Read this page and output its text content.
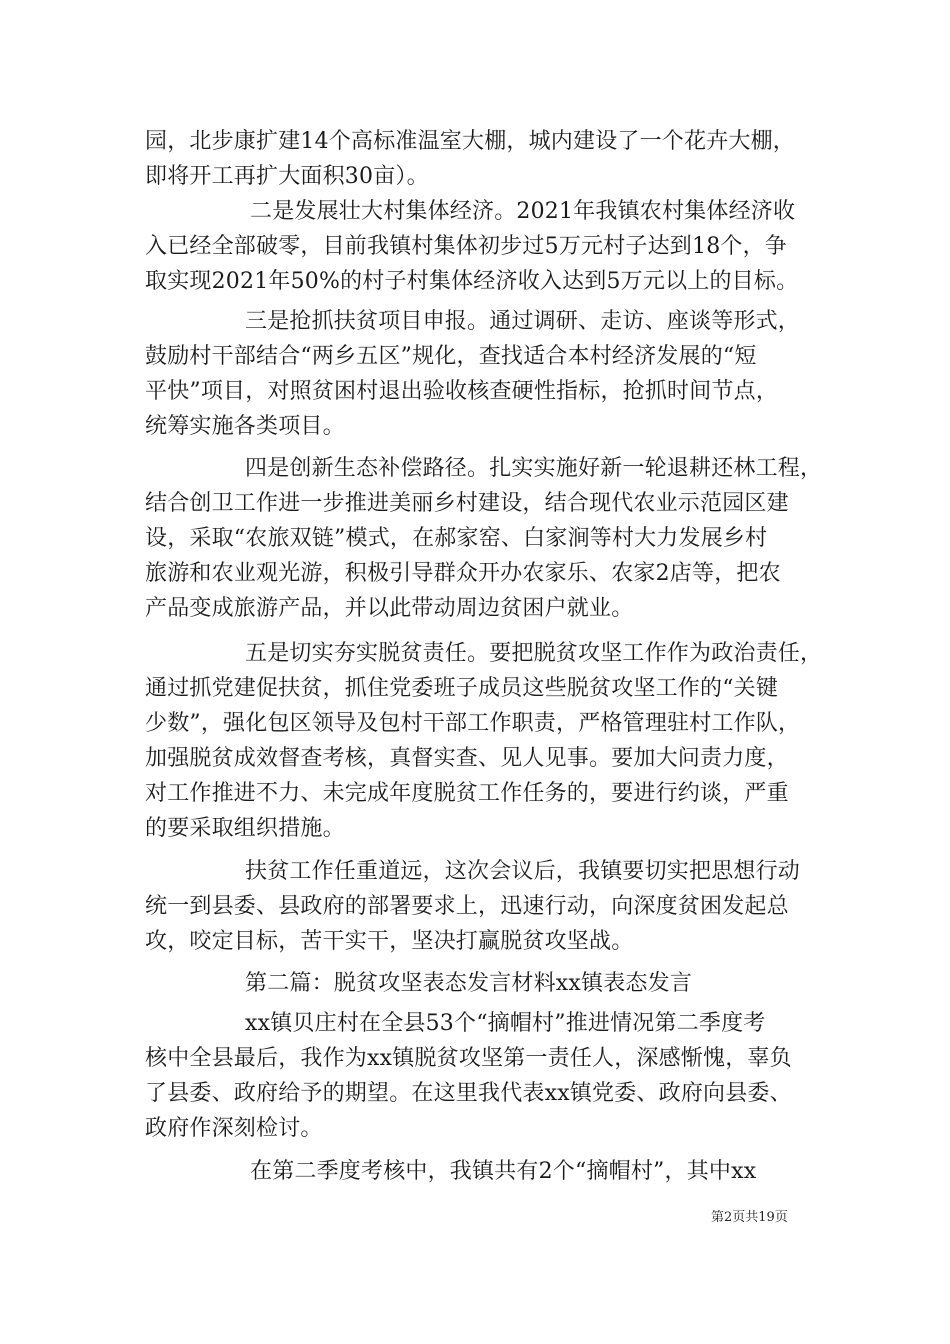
园，北步康扩建14个高标准温室大棚，城内建设了一个花卉大棚，
即将开工再扩大面积30亩）。
二是发展壮大村集体经济。2021年我镇农村集体经济收
入已经全部破零，目前我镇村集体初步过5万元村子达到18个，争
取实现2021年50%的村子村集体经济收入达到5万元以上的目标。
三是抢抓扶贫项目申报。通过调研、走访、座谈等形式，
鼓励村干部结合“两乡五区”规化，查找适合本村经济发展的“短
平快”项目，对照贫困村退出验收核查硬性指标，抢抓时间节点，
统筹实施各类项目。
四是创新生态补偿路径。扎实实施好新一轮退耕还林工程，
结合创卫工作进一步推进美丽乡村建设，结合现代农业示范园区建
设，采取“农旅双链”模式，在郝家窑、白家涧等村大力发展乡村
旅游和农业观光游，积极引导群众开办农家乐、农家2店等，把农
产品变成旅游产品，并以此带动周边贫困户就业。
五是切实夯实脱贫责任。要把脱贫攻坚工作作为政治责任，
通过抓党建促扶贫，抓住党委班子成员这些脱贫攻坚工作的“关键
少数”，强化包区领导及包村干部工作职责，严格管理驻村工作队，
加强脱贫成效督查考核，真督实查、见人见事。要加大问责力度，
对工作推进不力、未完成年度脱贫工作任务的，要进行约谈，严重
的要采取组织措施。
扶贫工作任重道远，这次会议后，我镇要切实把思想行动
统一到县委、县政府的部署要求上，迅速行动，向深度贫困发起总
攻，咬定目标，苦干实干，坚决打赢脱贫攻坚战。
第二篇：脱贫攻坚表态发言材料xx镇表态发言
xx镇贝庄村在全县53个“摘帽村”推进情况第二季度考
核中全县最后，我作为xx镇脱贫攻坚第一责任人，深感惭愧，辜负
了县委、政府给予的期望。在这里我代表xx镇党委、政府向县委、
政府作深刻检讨。
在第二季度考核中，我镇共有2个“摘帽村”，其中xx
第2页共19页
